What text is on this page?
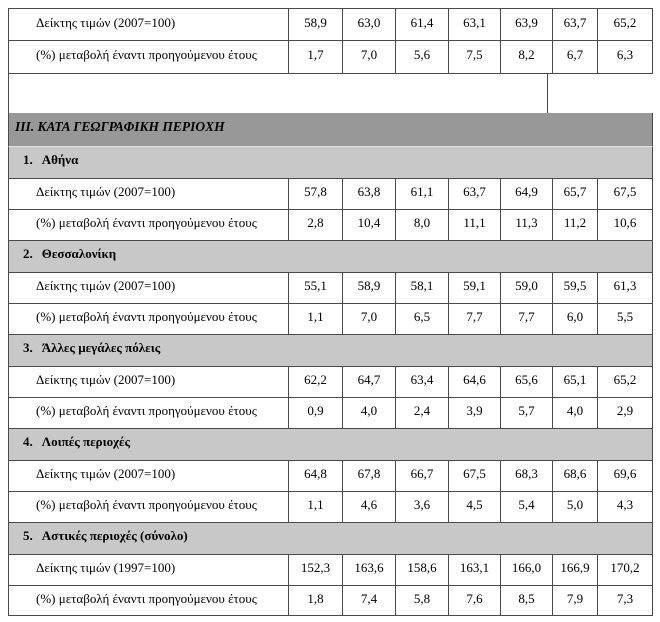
Δείκτης τιμών (2007=100)	58,9	63,0	61,4	63,1	63,9	63,7	65,2
(%) μεταβολή έναντι προηγούμενου έτους	1,7	7,0	5,6	7,5	8,2	6,7	6,3
ΙΙΙ. ΚΑΤΑ ΓΕΩΓΡΑΦΙΚΗ ΠΕΡΙΟΧΗ
1. Αθήνα
Δείκτης τιμών (2007=100)	57,8	63,8	61,1	63,7	64,9	65,7	67,5
(%) μεταβολή έναντι προηγούμενου έτους	2,8	10,4	8,0	11,1	11,3	11,2	10,6
2. Θεσσαλονίκη
Δείκτης τιμών (2007=100)	55,1	58,9	58,1	59,1	59,0	59,5	61,3
(%) μεταβολή έναντι προηγούμενου έτους	1,1	7,0	6,5	7,7	7,7	6,0	5,5
3. Άλλες μεγάλες πόλεις
Δείκτης τιμών (2007=100)	62,2	64,7	63,4	64,6	65,6	65,1	65,2
(%) μεταβολή έναντι προηγούμενου έτους	0,9	4,0	2,4	3,9	5,7	4,0	2,9
4. Λοιπές περιοχές
Δείκτης τιμών (2007=100)	64,8	67,8	66,7	67,5	68,3	68,6	69,6
(%) μεταβολή έναντι προηγούμενου έτους	1,1	4,6	3,6	4,5	5,4	5,0	4,3
5. Αστικές περιοχές (σύνολο)
Δείκτης τιμών (1997=100)	152,3	163,6	158,6	163,1	166,0	166,9	170,2
(%) μεταβολή έναντι προηγούμενου έτους	1,8	7,4	5,8	7,6	8,5	7,9	7,3
